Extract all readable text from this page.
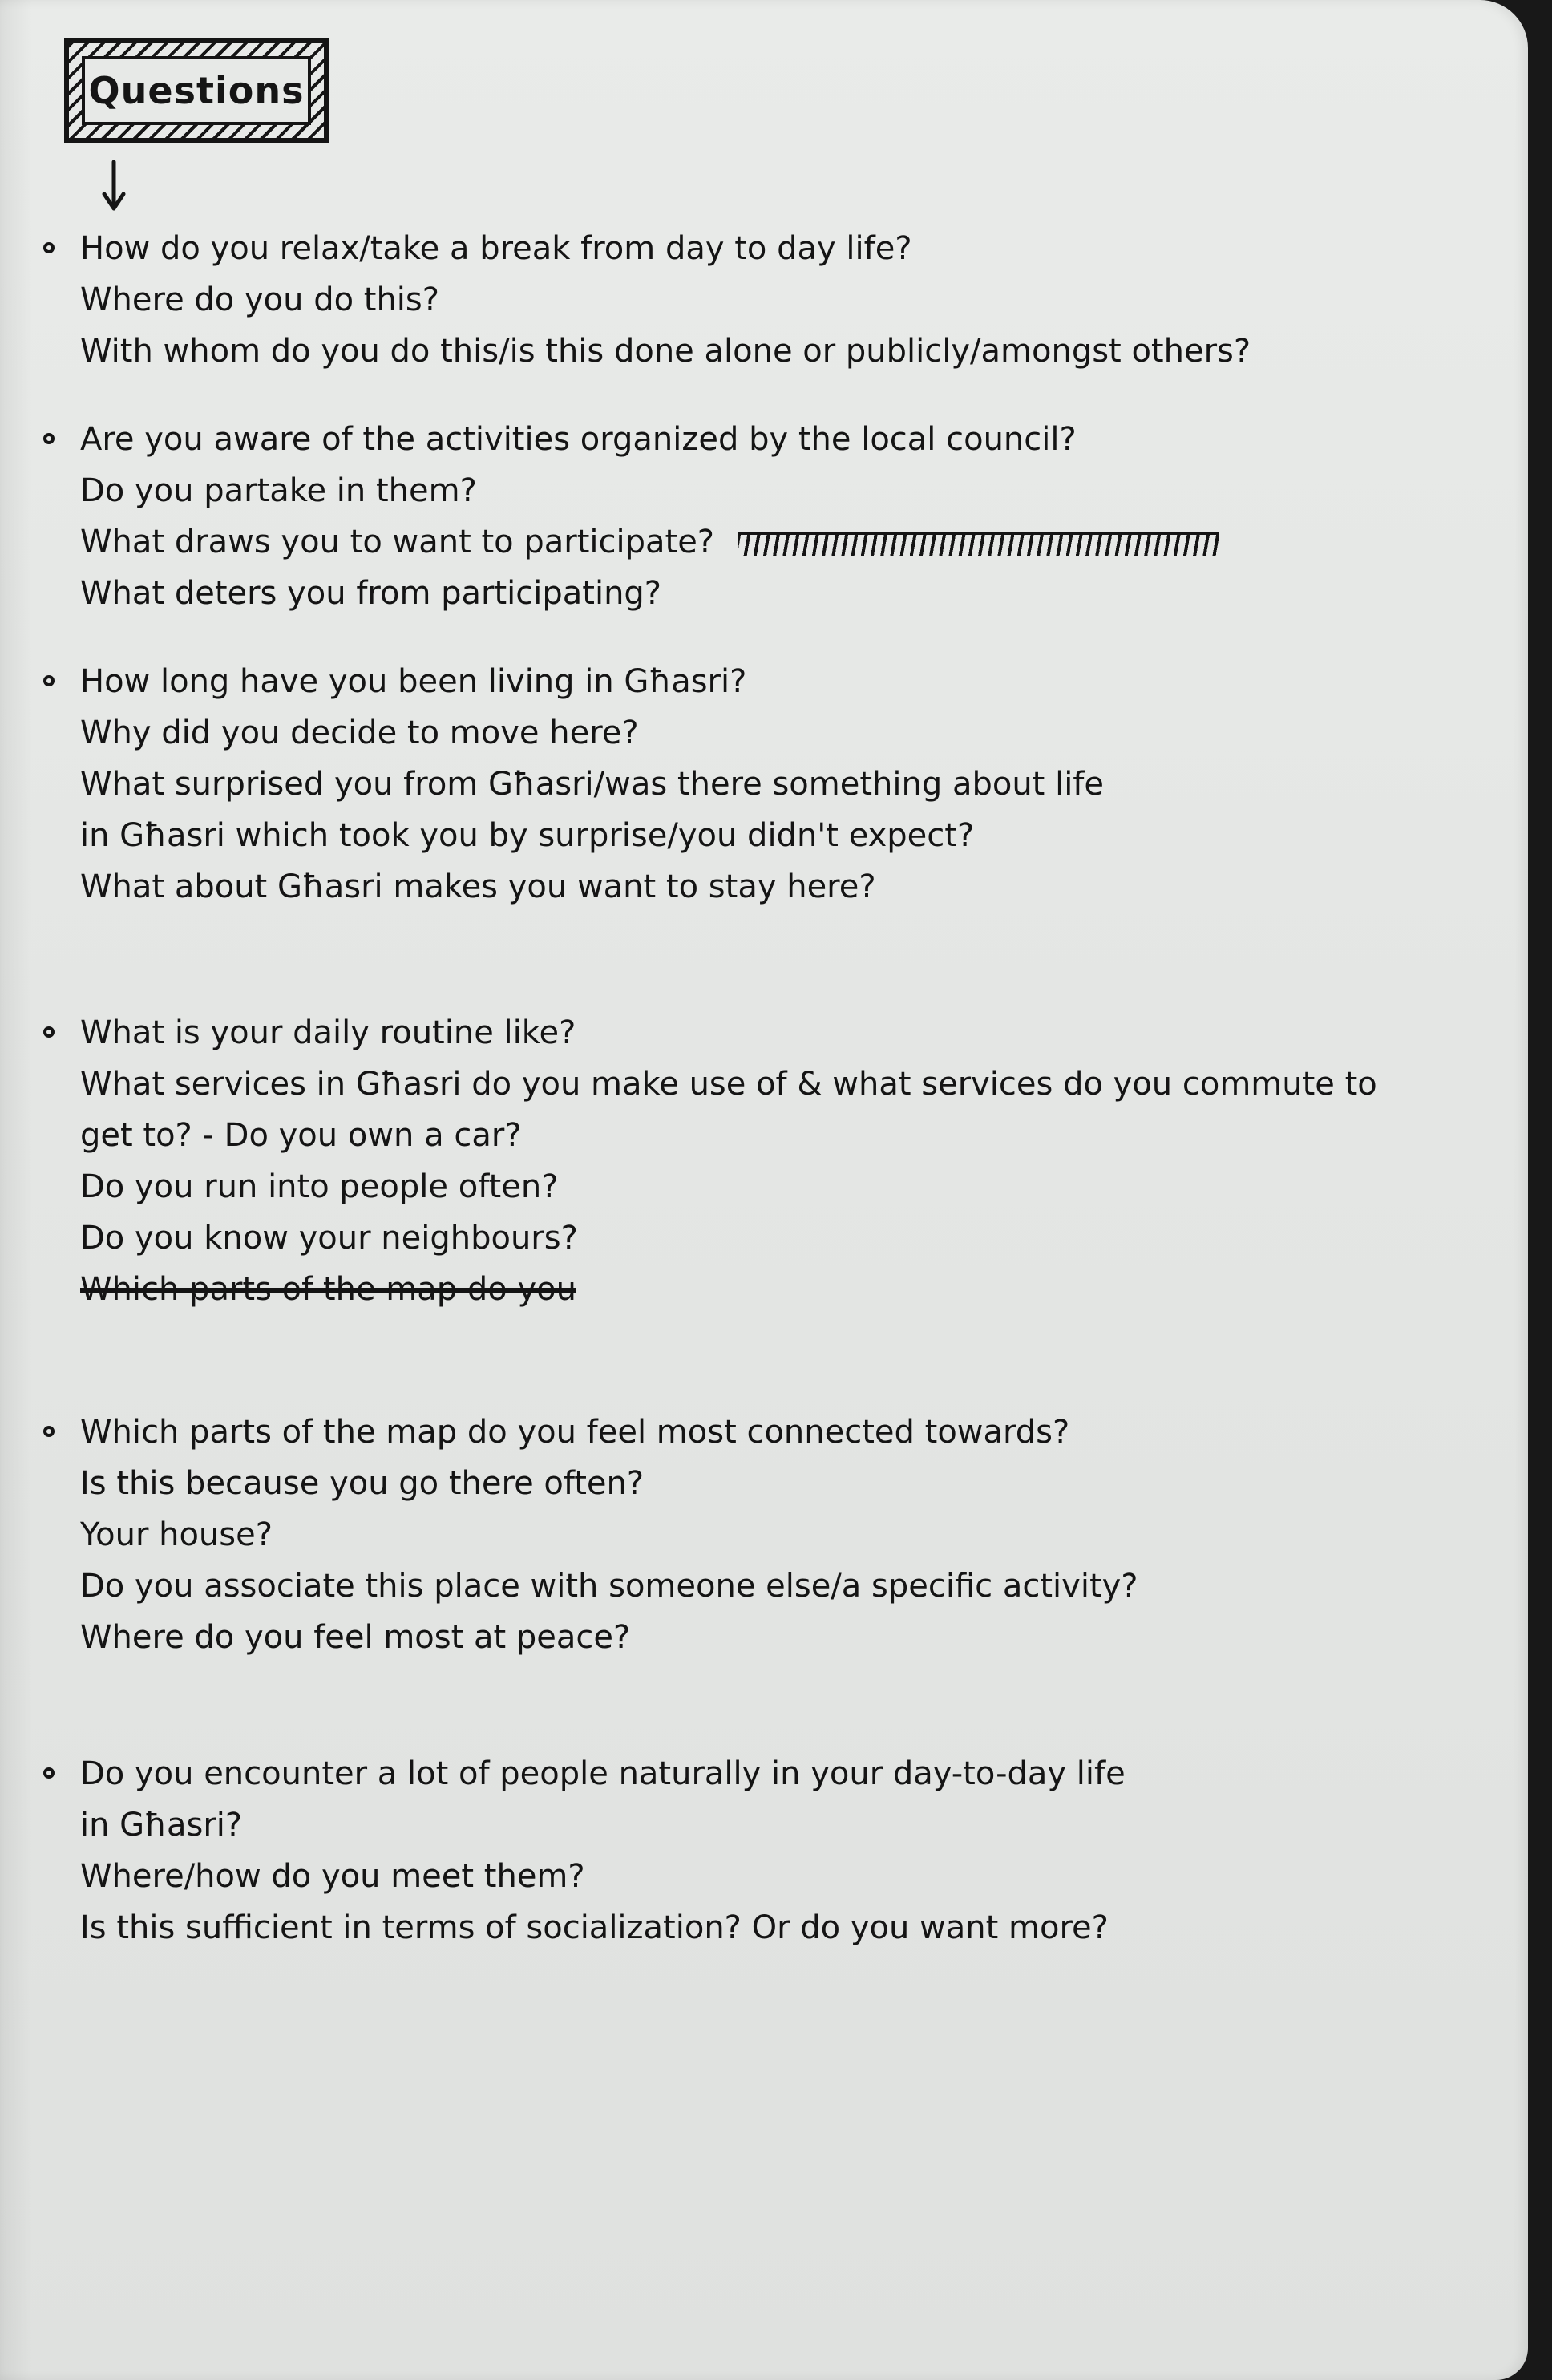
Questions
How do you relax/take a break from day to day life?
Where do you do this?
With whom do you do this/is this done alone or publicly/amongst others?
Are you aware of the activities organized by the local council?
Do you partake in them?
What draws you to want to participate?
What deters you from participating?
How long have you been living in Għasri?
Why did you decide to move here?
What surprised you from Għasri/was there something about life
in Għasri which took you by surprise/you didn't expect?
What about Għasri makes you want to stay here?
What is your daily routine like?
What services in Għasri do you make use of & what services do you commute to
get to? - Do you own a car?
Do you run into people often?
Do you know your neighbours?
Which parts of the map do you
Which parts of the map do you feel most connected towards?
Is this because you go there often?
Your house?
Do you associate this place with someone else/a specific activity?
Where do you feel most at peace?
Do you encounter a lot of people naturally in your day-to-day life
in Għasri?
Where/how do you meet them?
Is this sufficient in terms of socialization? Or do you want more?
